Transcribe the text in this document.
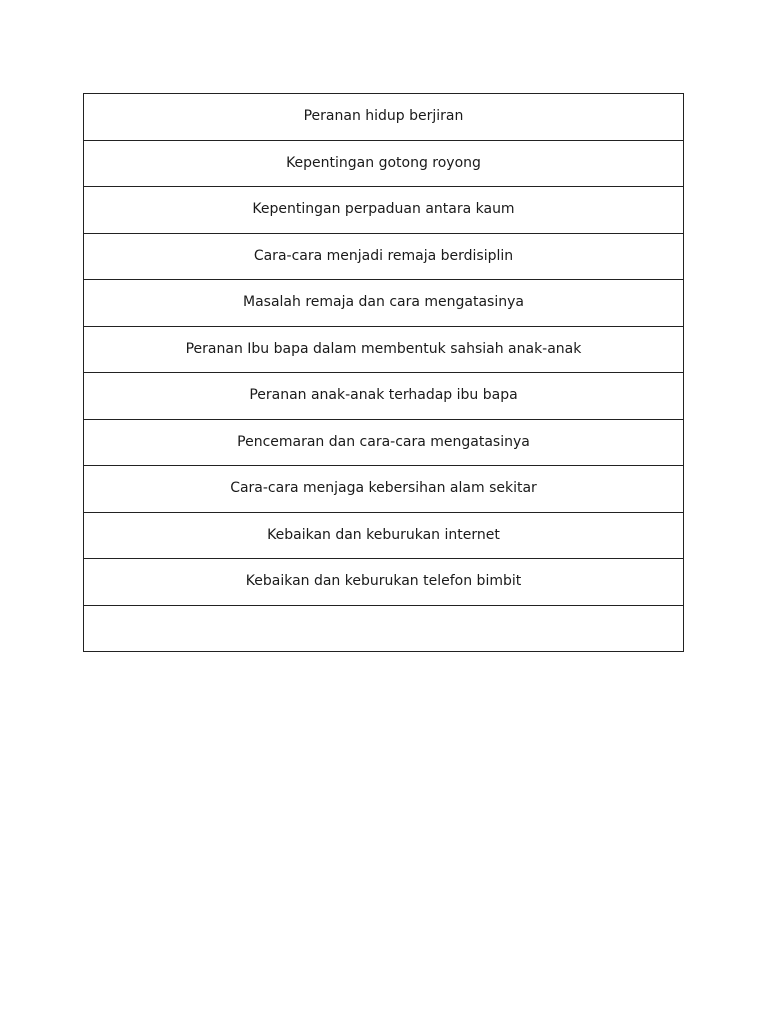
Peranan hidup berjiran
Kepentingan gotong royong
Kepentingan perpaduan antara kaum
Cara-cara menjadi remaja berdisiplin
Masalah remaja dan cara mengatasinya
Peranan Ibu bapa dalam membentuk sahsiah anak-anak
Peranan anak-anak terhadap ibu bapa
Pencemaran dan cara-cara mengatasinya
Cara-cara menjaga kebersihan alam sekitar
Kebaikan dan keburukan internet
Kebaikan dan keburukan telefon bimbit
